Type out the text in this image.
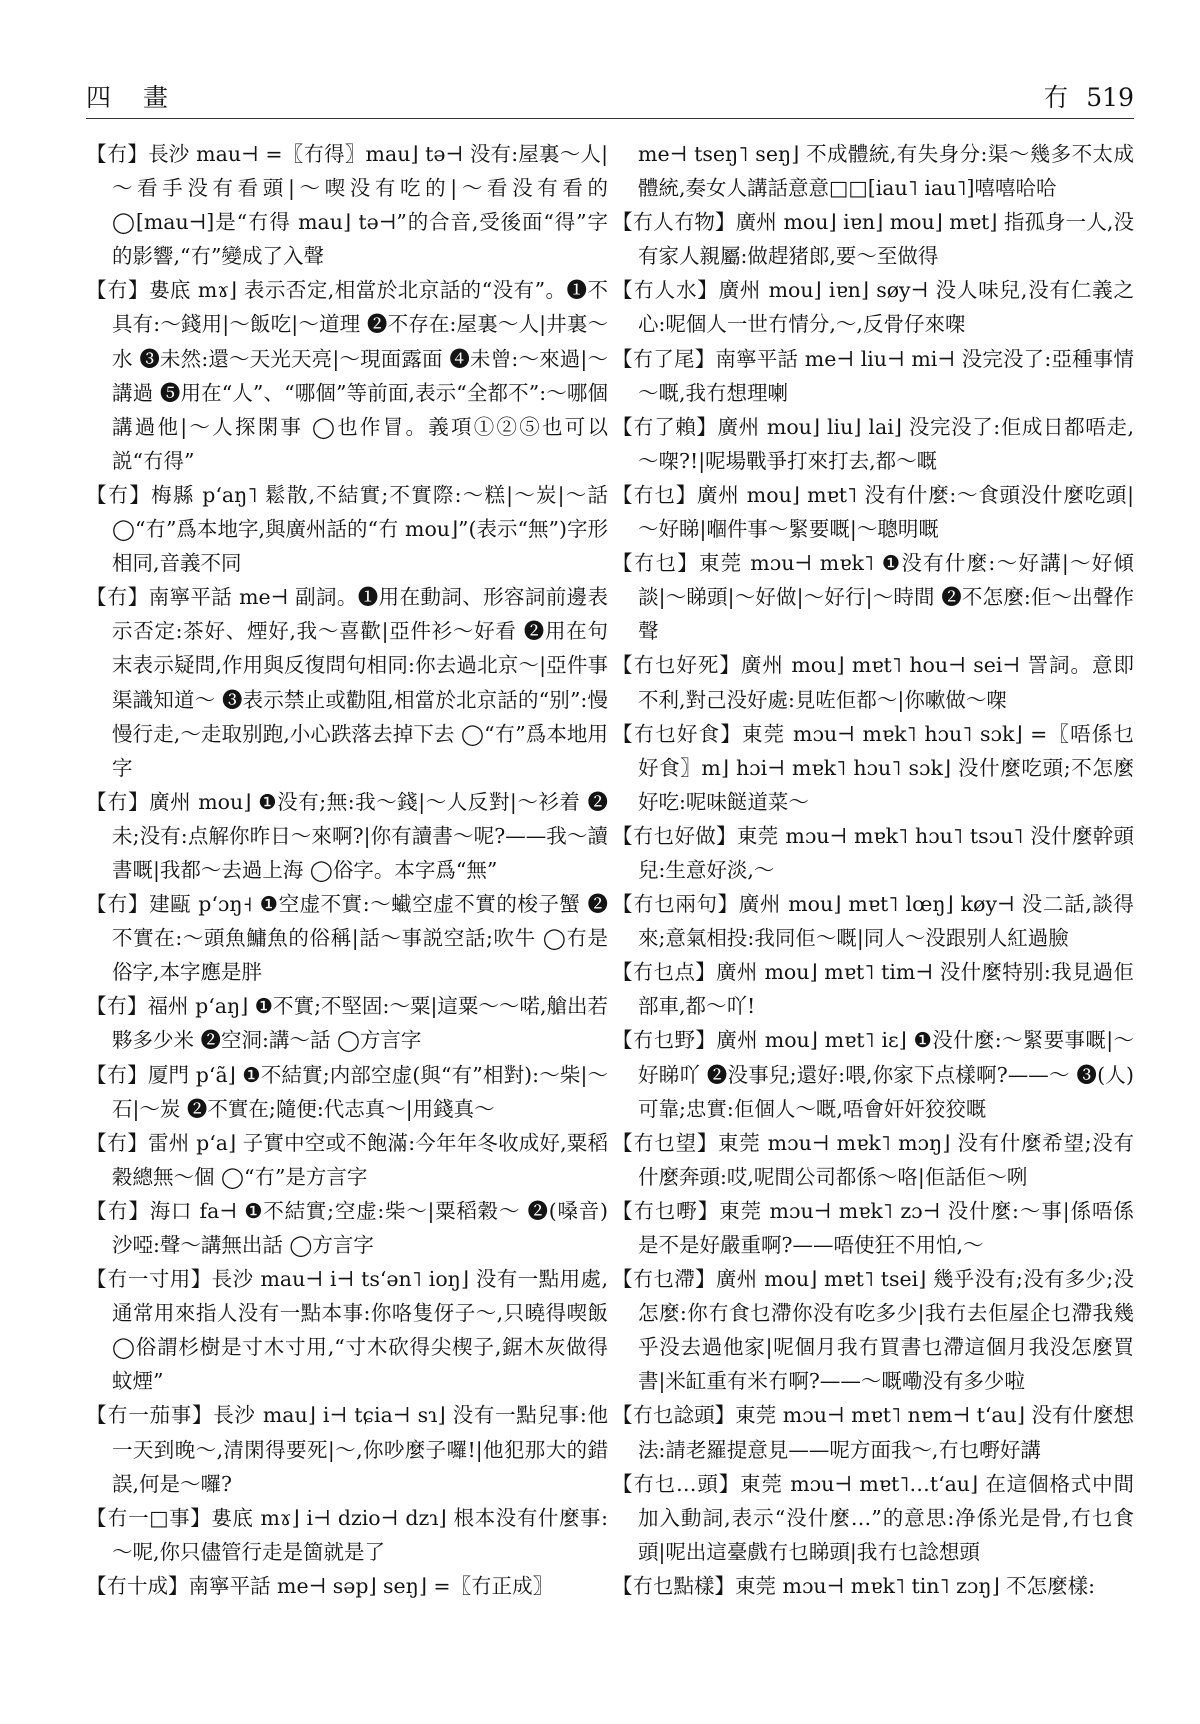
四 畫	冇 519

【冇】長沙 mau⊣ =〖冇得〗mau⌋ tə⊣ 没有:屋裏～人|～看手没有看頭|～喫没有吃的|～看没有看的 ◯[mau⊣]是“冇得 mau⌋ tə⊣”的合音,受後面“得”字的影響,“冇”變成了入聲

【冇】婁底 mɤ⌋ 表示否定,相當於北京話的“没有”。❶不具有:～錢用|～飯吃|～道理 ❷不存在:屋裏～人|井裏～水 ❸未然:還～天光天亮|～現面露面 ❹未曾:～來過|～講過 ❺用在“人”、“哪個”等前面,表示“全都不”:～哪個講過他|～人探閑事 ◯也作冒。義項①②⑤也可以説“冇得”

【冇】梅縣 pʻaŋ˥ 鬆散,不結實;不實際:～糕|～炭|～話 ◯“冇”爲本地字,與廣州話的“冇 mou⌋”(表示“無”)字形相同,音義不同

【冇】南寧平話 me⊣ 副詞。❶用在動詞、形容詞前邊表示否定:茶好、煙好,我～喜歡|亞件衫～好看 ❷用在句末表示疑問,作用與反復問句相同:你去過北京～|亞件事渠識知道～ ❸表示禁止或勸阻,相當於北京話的“别”:慢慢行走,～走取别跑,小心跌落去掉下去 ◯“冇”爲本地用字

【冇】廣州 mou⌋ ❶没有;無:我～錢|～人反對|～衫着 ❷未;没有:点解你昨日～來啊?|你有讀書～呢?——我～讀書嘅|我都～去過上海 ◯俗字。本字爲“無”

【冇】建甌 pʻɔŋ˧ ❶空虚不實:～蠘空虚不實的梭子蟹 ❷不實在:～頭魚鱅魚的俗稱|話～事説空話;吹牛 ◯冇是俗字,本字應是胖

【冇】福州 pʻaŋ⌋ ❶不實;不堅固:～粟|這粟～～喏,艙出若夥多少米 ❷空洞:講～話 ◯方言字

【冇】厦門 pʻã⌋ ❶不結實;内部空虚(與“有”相對):～柴|～石|～炭 ❷不實在;隨便:代志真～|用錢真～

【冇】雷州 pʻa⌋ 子實中空或不飽滿:今年年冬收成好,粟稻穀總無～個 ◯“冇”是方言字

【冇】海口 fa⊣ ❶不結實;空虚:柴～|粟稻穀～ ❷(嗓音)沙啞:聲～講無出話 ◯方言字

【冇一寸用】長沙 mau⊣ i⊣ tsʻən˥ ioŋ⌋ 没有一點用處,通常用來指人没有一點本事:你咯隻伢子～,只曉得喫飯 ◯俗謂杉樹是寸木寸用,“寸木砍得尖楔子,鋸木灰做得蚊煙”

【冇一茄事】長沙 mau⌋ i⊣ tɕia⊣ sɿ⌋ 没有一點兒事:他一天到晚～,清閑得要死|～,你吵麼子囉!|他犯那大的錯誤,何是～囉?

【冇一□事】婁底 mɤ⌋ i⊣ dzio⊣ dzɿ⌋ 根本没有什麼事:～呢,你只儘管行走是箇就是了

【冇十成】南寧平話 me⊣ səp⌋ seŋ⌋ =〖冇正成〗

me⊣ tseŋ˥ seŋ⌋ 不成體統,有失身分:渠～幾多不太成體統,奏女人講話意意□□[iau˥ iau˥]嘻嘻哈哈

【冇人冇物】廣州 mou⌋ iɐn⌋ mou⌋ mɐt⌋ 指孤身一人,没有家人親屬:做趕猪郎,要～至做得

【冇人水】廣州 mou⌋ iɐn⌋ søy⊣ 没人味兒,没有仁義之心:呢個人一世冇情分,～,反骨仔來㗎

【冇了尾】南寧平話 me⊣ liu⊣ mi⊣ 没完没了:亞種事情～嘅,我冇想理喇

【冇了賴】廣州 mou⌋ liu⌋ lai⌋ 没完没了:佢成日都唔走,～㗎?!|呢場戰爭打來打去,都～嘅

【冇乜】廣州 mou⌋ mɐt˥ 没有什麼:～食頭没什麼吃頭|～好睇|嗰件事～緊要嘅|～聰明嘅

【冇乜】東莞 mɔu⊣ mɐk˥ ❶没有什麼:～好講|～好傾談|～睇頭|～好做|～好行|～時間 ❷不怎麼:佢～出聲作聲

【冇乜好死】廣州 mou⌋ mɐt˥ hou⊣ sei⊣ 詈詞。意即不利,對己没好處:見咗佢都～|你嗽做～㗎

【冇乜好食】東莞 mɔu⊣ mɐk˥ hɔu˥ sɔk⌋ =〖唔係乜好食〗m⌋ hɔi⊣ mɐk˥ hɔu˥ sɔk⌋ 没什麼吃頭;不怎麼好吃:呢味餸道菜～

【冇乜好做】東莞 mɔu⊣ mɐk˥ hɔu˥ tsɔu˥ 没什麼幹頭兒:生意好淡,～

【冇乜兩句】廣州 mou⌋ mɐt˥ lœŋ⌋ køy⊣ 没二話,談得來;意氣相投:我同佢～嘅|同人～没跟别人紅過臉

【冇乜点】廣州 mou⌋ mɐt˥ tim⊣ 没什麼特别:我見過佢部車,都～吖!

【冇乜野】廣州 mou⌋ mɐt˥ iɛ⌋ ❶没什麼:～緊要事嘅|～好睇吖 ❷没事兒;還好:喂,你家下点樣啊?——～ ❸(人)可靠;忠實:佢個人～嘅,唔會奸奸狡狡嘅

【冇乜望】東莞 mɔu⊣ mɐk˥ mɔŋ⌋ 没有什麼希望;没有什麼奔頭:哎,呢間公司都係～咯|佢話佢～咧

【冇乜嘢】東莞 mɔu⊣ mɐk˥ zɔ⊣ 没什麼:～事|係唔係是不是好嚴重啊?——唔使狂不用怕,～

【冇乜滯】廣州 mou⌋ mɐt˥ tsei⌋ 幾乎没有;没有多少;没怎麼:你冇食乜滯你没有吃多少|我冇去佢屋企乜滯我幾乎没去過他家|呢個月我冇買書乜滯這個月我没怎麼買書|米缸重有米冇啊?——～嘅嘞没有多少啦

【冇乜諗頭】東莞 mɔu⊣ mɐt˥ nɐm⊣ tʻau⌋ 没有什麼想法:請老羅提意見——呢方面我～,冇乜嘢好講

【冇乜…頭】東莞 mɔu⊣ mɐt˥…tʻau⌋ 在這個格式中間加入動詞,表示“没什麼…”的意思:净係光是骨,冇乜食頭|呢出這臺戲冇乜睇頭|我冇乜諗想頭

【冇乜點樣】東莞 mɔu⊣ mɐk˥ tin˥ zɔŋ⌋ 不怎麼樣:
